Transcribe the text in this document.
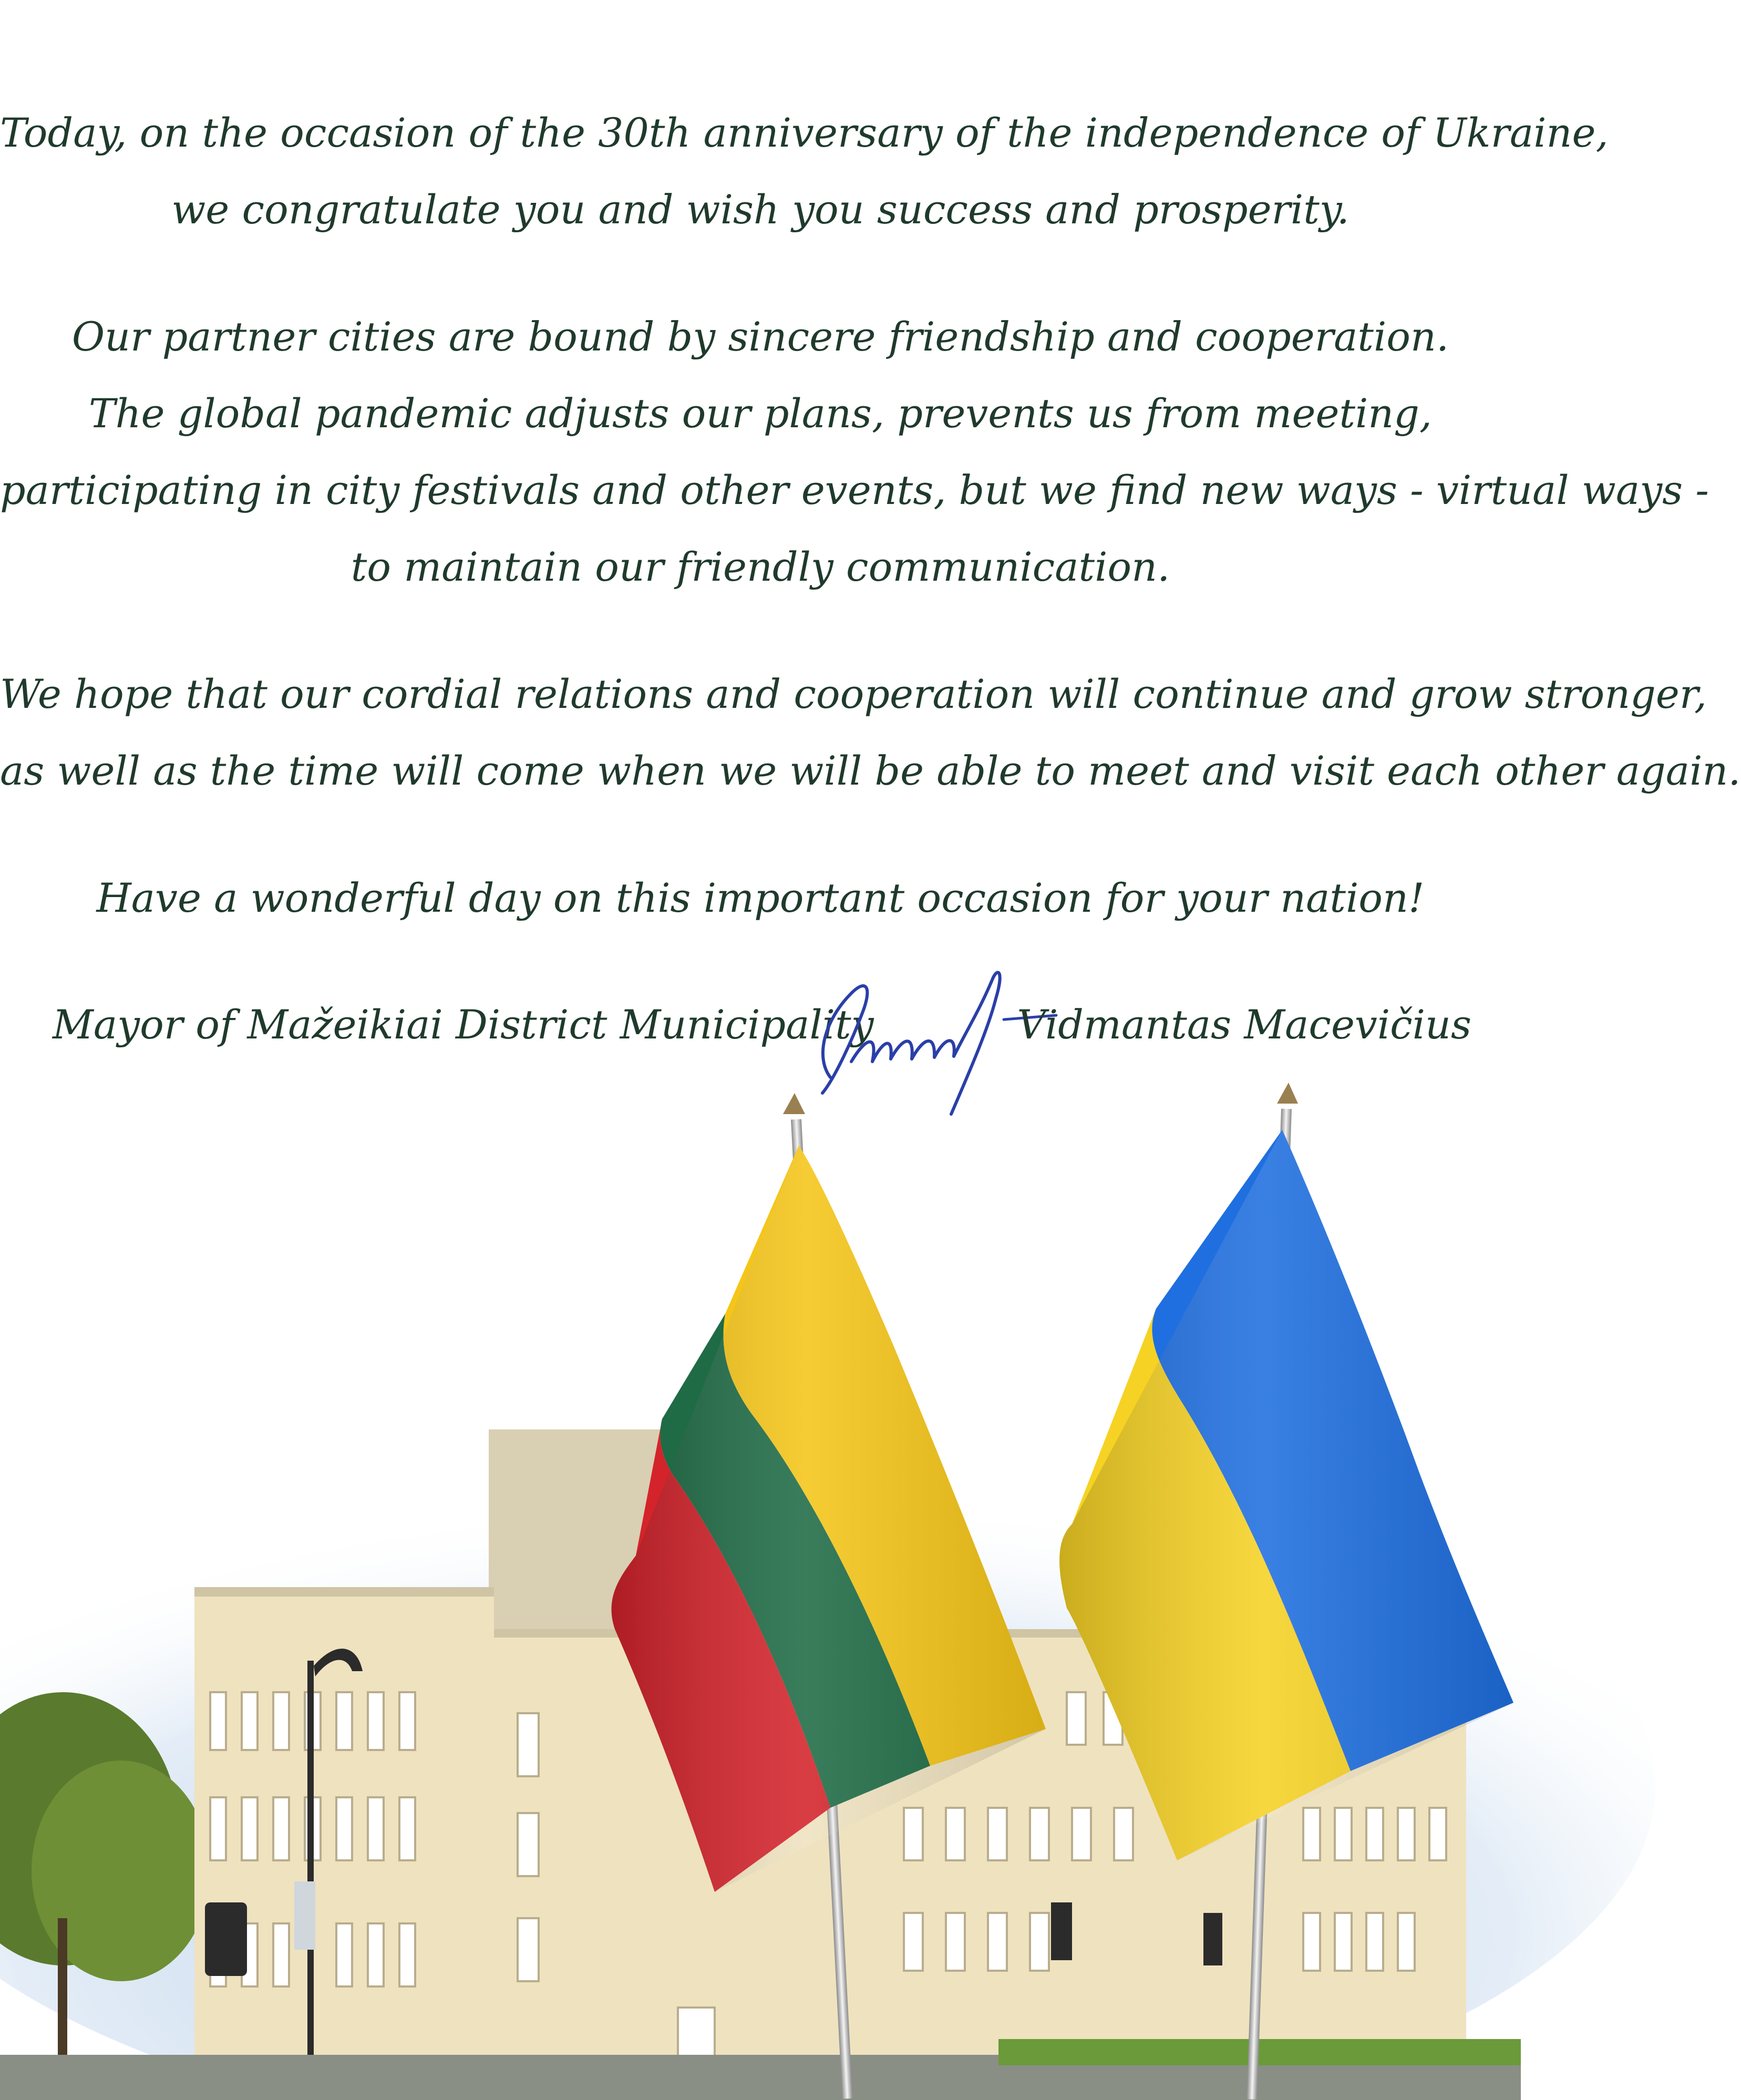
Today, on the occasion of the 30th anniversary of the independence of Ukraine,
we congratulate you and wish you success and prosperity.
Our partner cities are bound by sincere friendship and cooperation.
The global pandemic adjusts our plans, prevents us from meeting,
participating in city festivals and other events, but we find new ways - virtual ways -
to maintain our friendly communication.
We hope that our cordial relations and cooperation will continue and grow stronger,
as well as the time will come when we will be able to meet and visit each other again.
Have a wonderful day on this important occasion for your nation!
Mayor of Mažeikiai District Municipality	Vidmantas Macevičius
